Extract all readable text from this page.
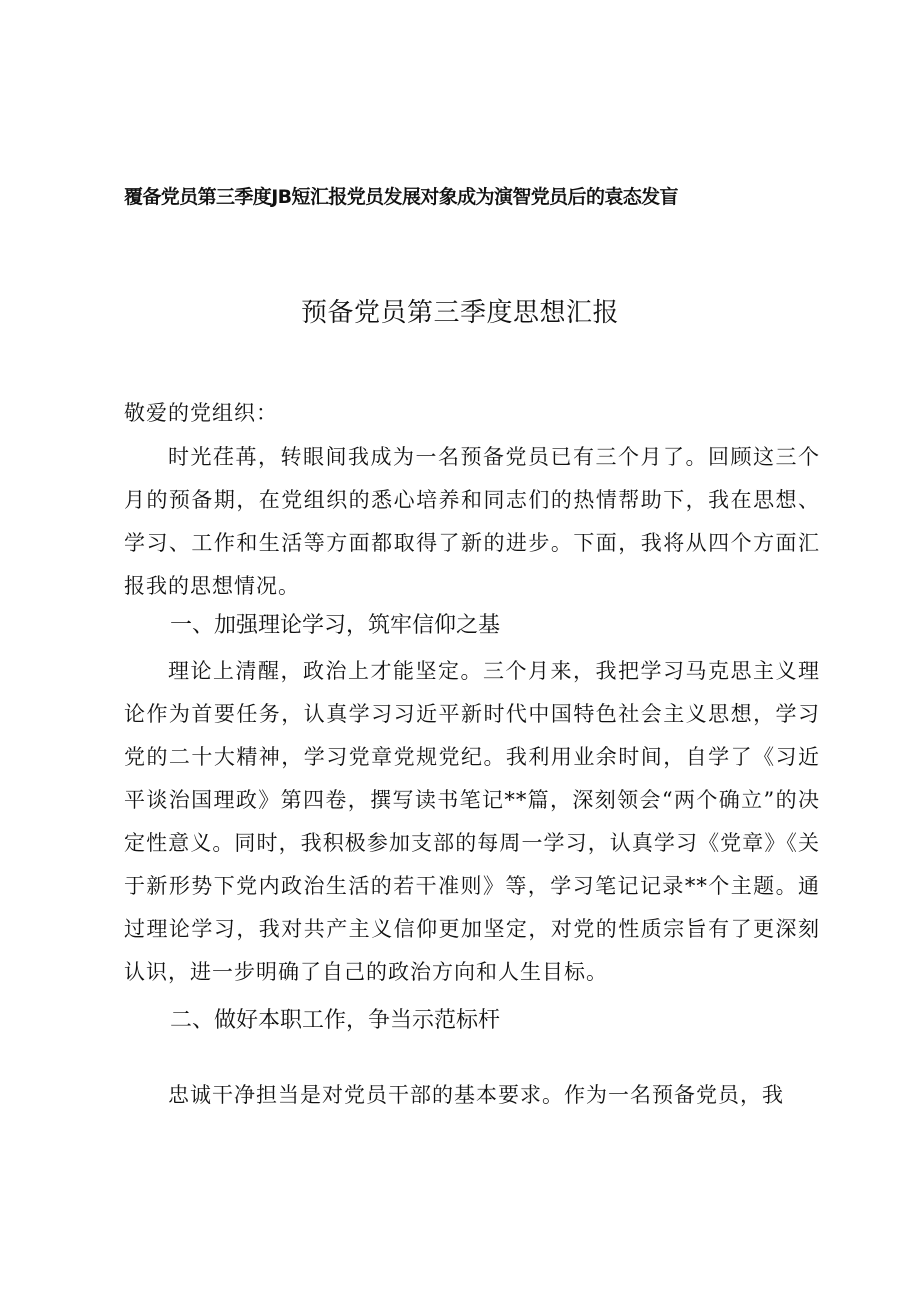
覆备党员第三季度JB短汇报党员发展对象成为演智党员后的袁态发盲
预备党员第三季度思想汇报
敬爱的党组织：
时光荏苒，转眼间我成为一名预备党员已有三个月了。回顾这三个月的预备期，在党组织的悉心培养和同志们的热情帮助下，我在思想、学习、工作和生活等方面都取得了新的进步。下面，我将从四个方面汇报我的思想情况。
一、加强理论学习，筑牢信仰之基
理论上清醒，政治上才能坚定。三个月来，我把学习马克思主义理论作为首要任务，认真学习习近平新时代中国特色社会主义思想，学习党的二十大精神，学习党章党规党纪。我利用业余时间，自学了《习近平谈治国理政》第四卷，撰写读书笔记**篇，深刻领会“两个确立”的决定性意义。同时，我积极参加支部的每周一学习，认真学习《党章》《关于新形势下党内政治生活的若干准则》等，学习笔记记录**个主题。通过理论学习，我对共产主义信仰更加坚定，对党的性质宗旨有了更深刻认识，进一步明确了自己的政治方向和人生目标。
二、做好本职工作，争当示范标杆
忠诚干净担当是对党员干部的基本要求。作为一名预备党员，我
